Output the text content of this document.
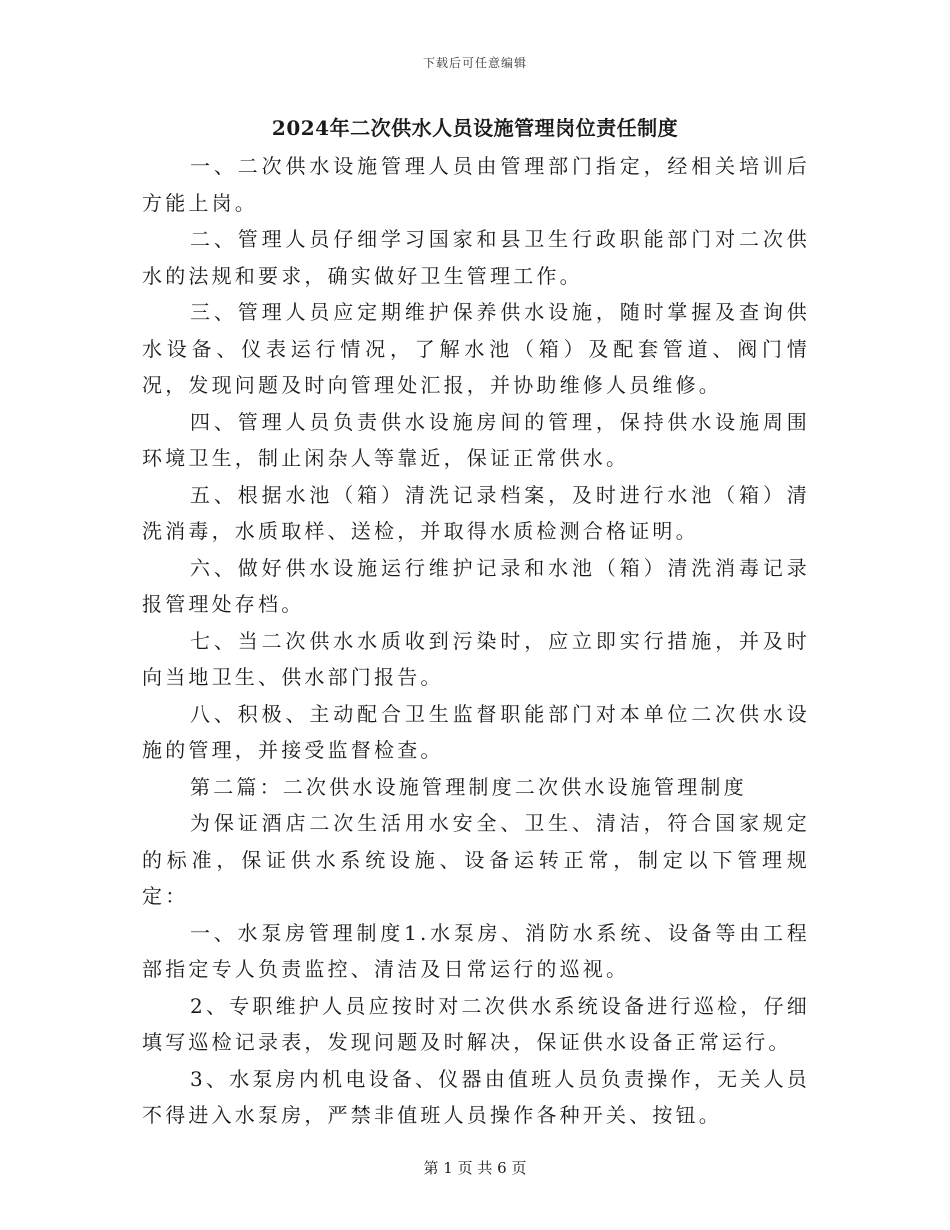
下载后可任意编辑
2024年二次供水人员设施管理岗位责任制度

一、二次供水设施管理人员由管理部门指定，经相关培训后方能上岗。

二、管理人员仔细学习国家和县卫生行政职能部门对二次供水的法规和要求，确实做好卫生管理工作。

三、管理人员应定期维护保养供水设施，随时掌握及查询供水设备、仪表运行情况，了解水池（箱）及配套管道、阀门情况，发现问题及时向管理处汇报，并协助维修人员维修。

四、管理人员负责供水设施房间的管理，保持供水设施周围环境卫生，制止闲杂人等靠近，保证正常供水。

五、根据水池（箱）清洗记录档案，及时进行水池（箱）清洗消毒，水质取样、送检，并取得水质检测合格证明。

六、做好供水设施运行维护记录和水池（箱）清洗消毒记录报管理处存档。

七、当二次供水水质收到污染时，应立即实行措施，并及时向当地卫生、供水部门报告。

八、积极、主动配合卫生监督职能部门对本单位二次供水设施的管理，并接受监督检查。

第二篇：二次供水设施管理制度二次供水设施管理制度

为保证酒店二次生活用水安全、卫生、清洁，符合国家规定的标准，保证供水系统设施、设备运转正常，制定以下管理规定：

一、水泵房管理制度1.水泵房、消防水系统、设备等由工程部指定专人负责监控、清洁及日常运行的巡视。

2、专职维护人员应按时对二次供水系统设备进行巡检，仔细填写巡检记录表，发现问题及时解决，保证供水设备正常运行。

3、水泵房内机电设备、仪器由值班人员负责操作，无关人员不得进入水泵房，严禁非值班人员操作各种开关、按钮。

第 1 页 共 6 页
